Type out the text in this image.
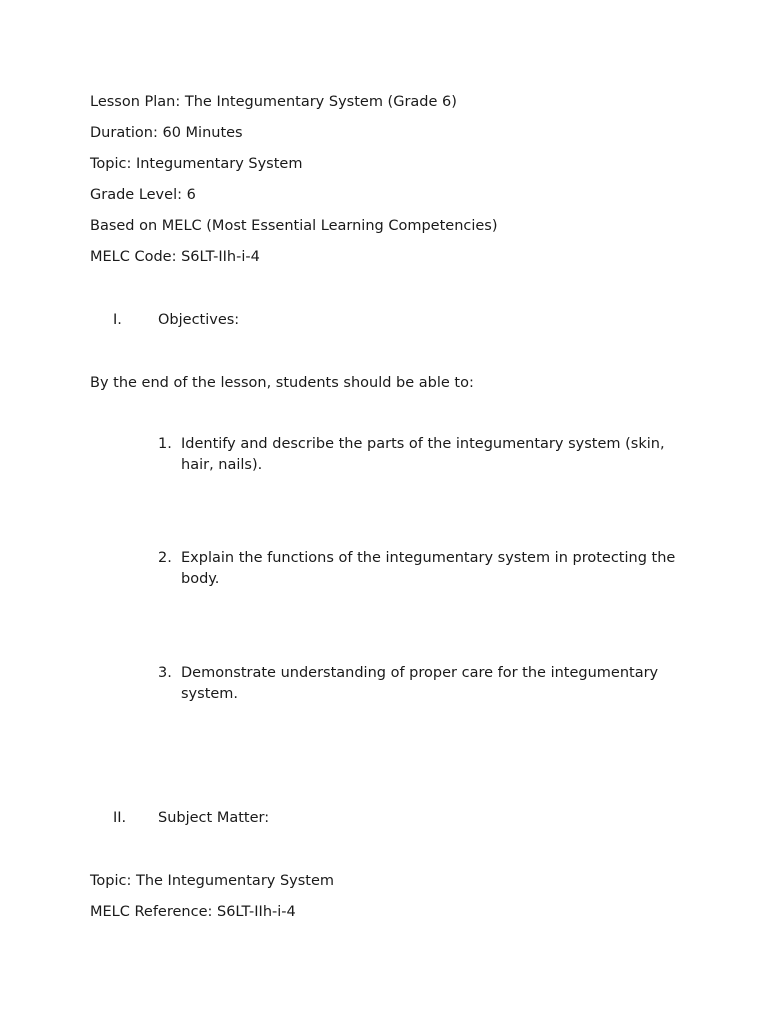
Lesson Plan: The Integumentary System (Grade 6)
Duration: 60 Minutes
Topic: Integumentary System
Grade Level: 6
Based on MELC (Most Essential Learning Competencies)
MELC Code: S6LT-IIh-i-4
I. Objectives:
By the end of the lesson, students should be able to:
1. Identify and describe the parts of the integumentary system (skin, hair, nails).
2. Explain the functions of the integumentary system in protecting the body.
3. Demonstrate understanding of proper care for the integumentary system.
II. Subject Matter:
Topic: The Integumentary System
MELC Reference: S6LT-IIh-i-4
